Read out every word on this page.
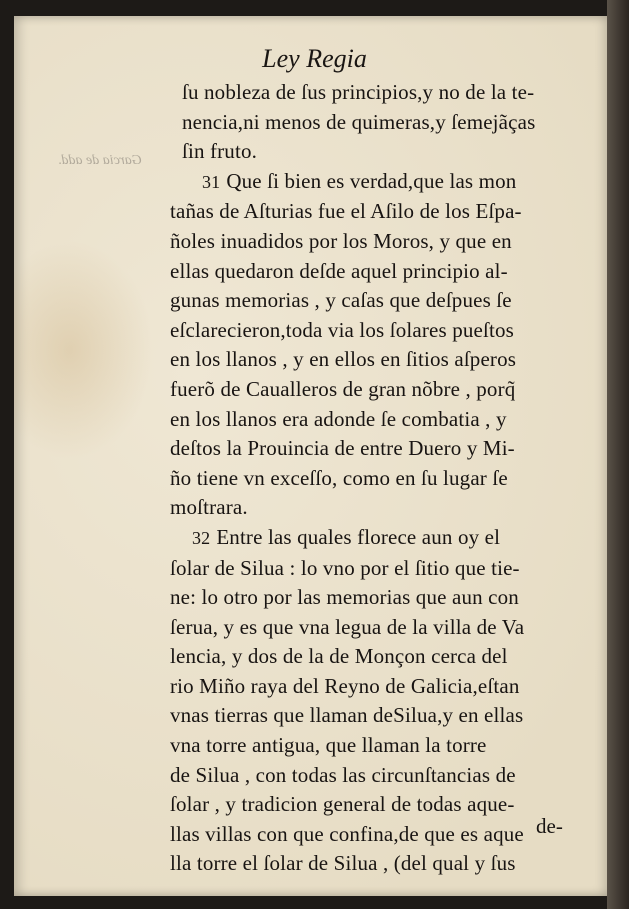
Ley Regia
Garcia de add.
ſu nobleza de ſus principios,y no de la te-
nencia,ni menos de quimeras,y ſemejãças
ſin fruto.
31 Que ſi bien es verdad,que las mon
tañas de Aſturias fue el Aſilo de los Eſpa-
ñoles inuadidos por los Moros, y que en
ellas quedaron deſde aquel principio al-
gunas memorias , y caſas que deſpues ſe
eſclarecieron,toda via los ſolares pueſtos
en los llanos , y en ellos en ſitios aſperos
fuerõ de Caualleros de gran nõbre , porq̃
en los llanos era adonde ſe combatia , y
deſtos la Prouincia de entre Duero y Mi-
ño tiene vn exceſſo, como en ſu lugar ſe
moſtrara.
32 Entre las quales florece aun oy el
ſolar de Silua : lo vno por el ſitio que tie-
ne: lo otro por las memorias que aun con
ſerua, y es que vna legua de la villa de Va
lencia, y dos de la de Monçon cerca del
rio Miño raya del Reyno de Galicia,eſtan
vnas tierras que llaman deSilua,y en ellas
vna torre antigua, que llaman la torre
de Silua , con todas las circunſtancias de
ſolar , y tradicion general de todas aque-
llas villas con que confina,de que es aque
lla torre el ſolar de Silua , (del qual y ſus
de-
